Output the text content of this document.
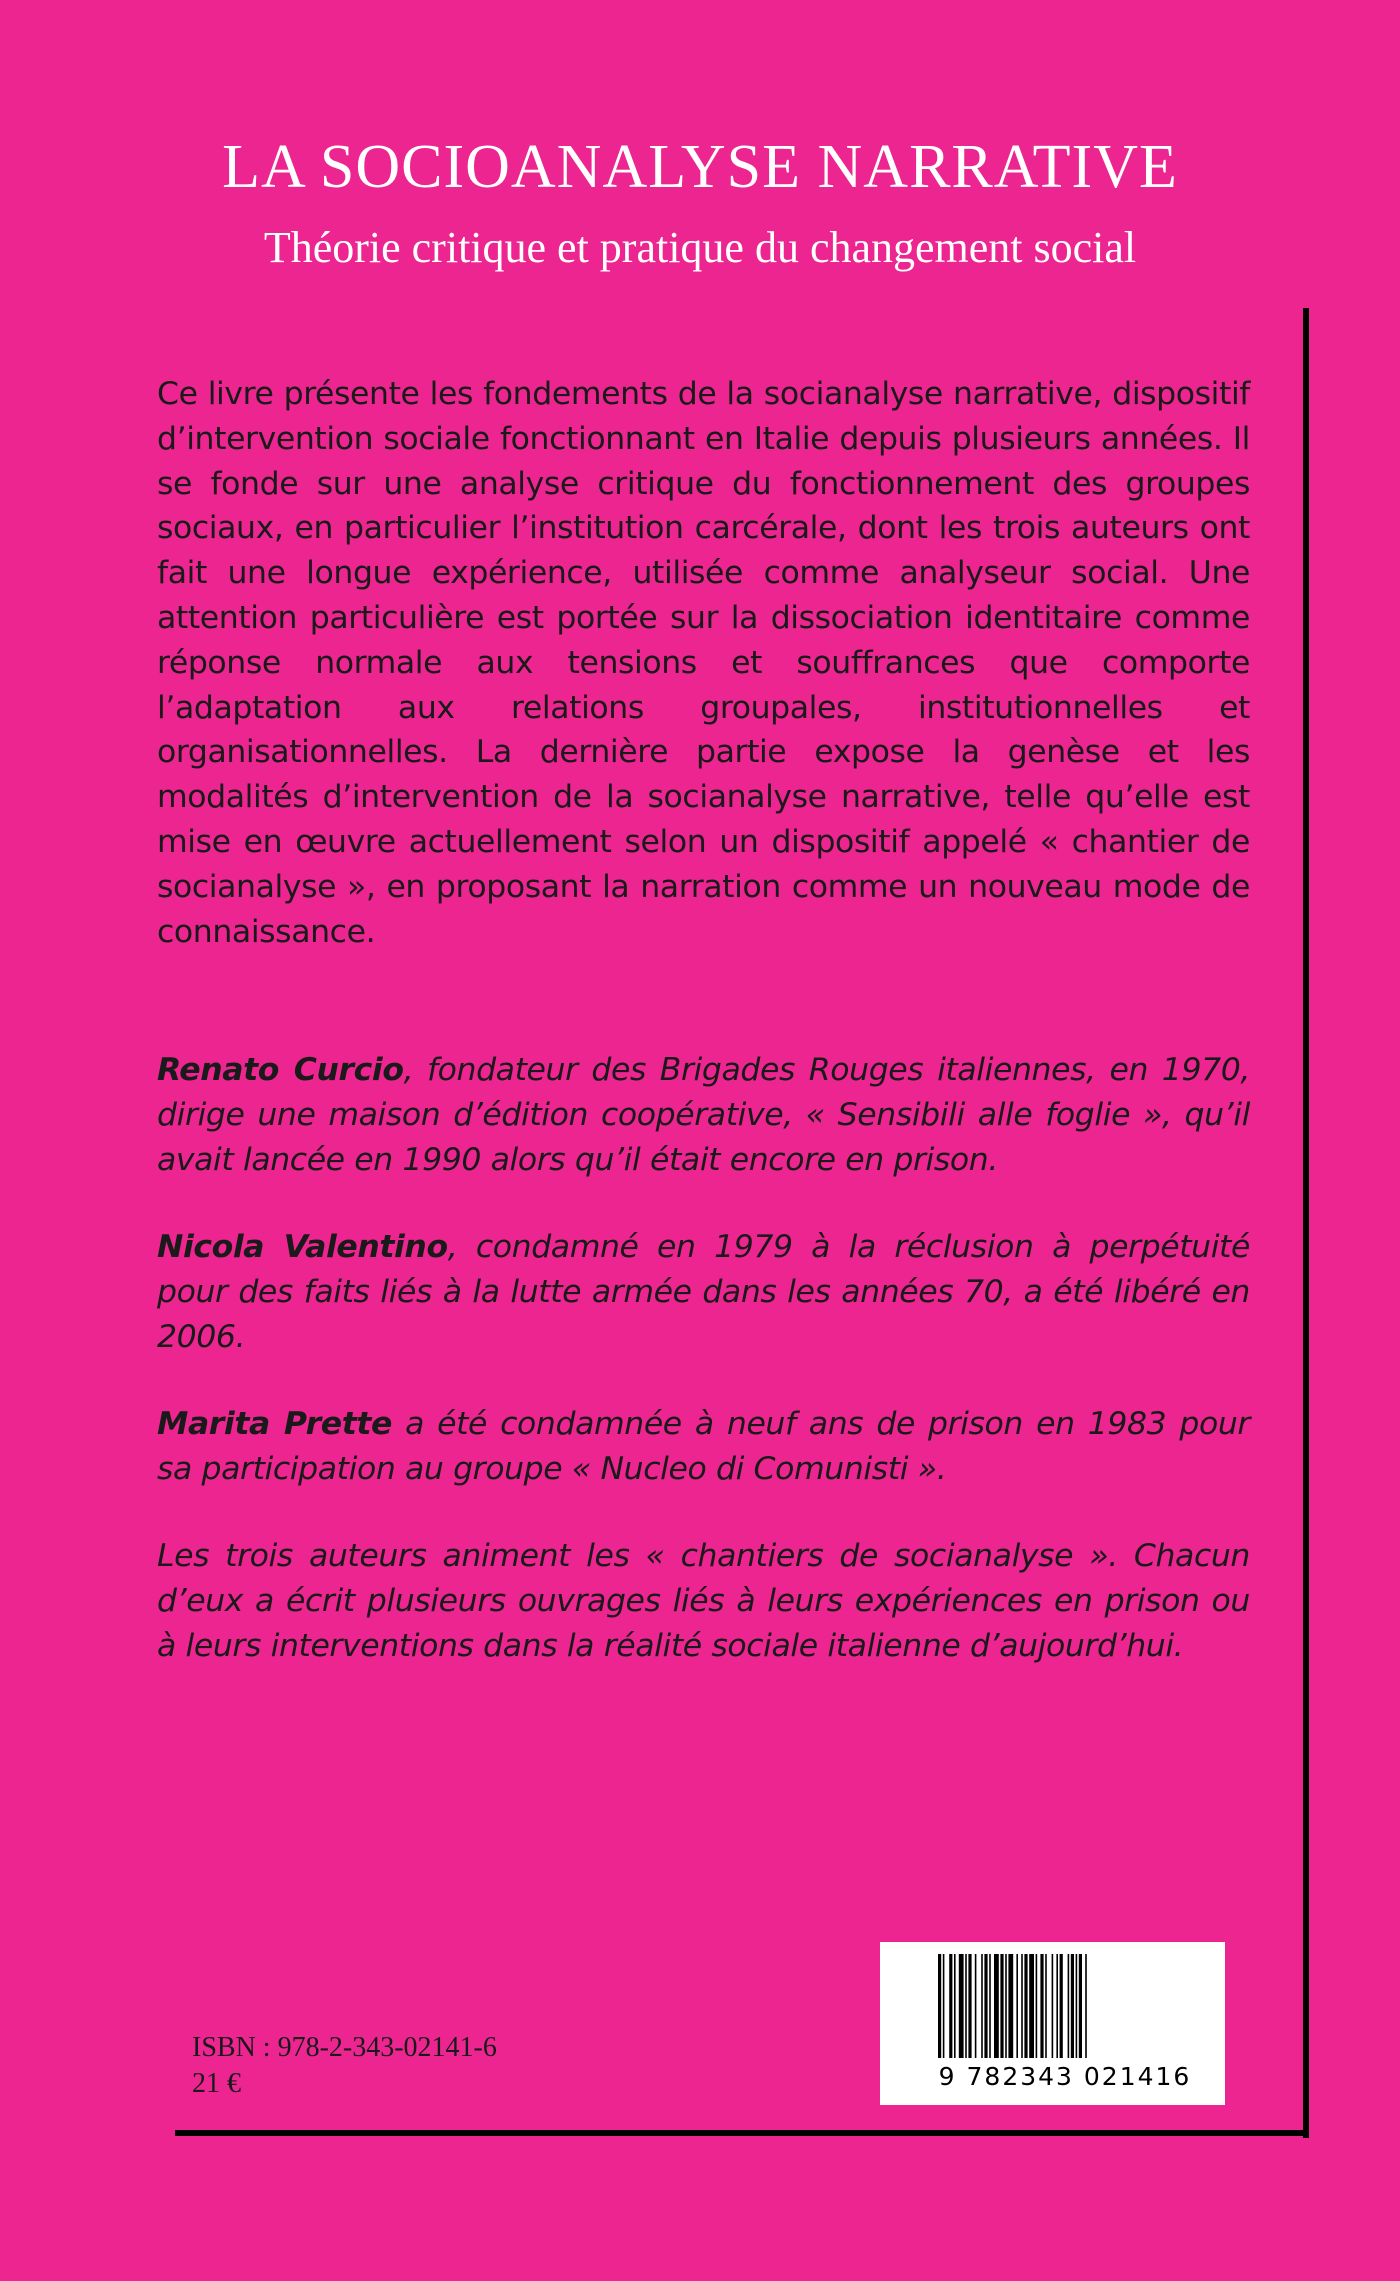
LA SOCIOANALYSE NARRATIVE
Théorie critique et pratique du changement social

Ce livre présente les fondements de la socianalyse narrative, dispositif d’intervention sociale fonctionnant en Italie depuis plusieurs années. Il se fonde sur une analyse critique du fonctionnement des groupes sociaux, en particulier l’institution carcérale, dont les trois auteurs ont fait une longue expérience, utilisée comme analyseur social. Une attention particulière est portée sur la dissociation identitaire comme réponse normale aux tensions et souffrances que comporte l’adaptation aux relations groupales, institutionnelles et organisationnelles. La dernière partie expose la genèse et les modalités d’intervention de la socianalyse narrative, telle qu’elle est mise en œuvre actuellement selon un dispositif appelé « chantier de socianalyse », en proposant la narration comme un nouveau mode de connaissance.

Renato Curcio, fondateur des Brigades Rouges italiennes, en 1970, dirige une maison d’édition coopérative, « Sensibili alle foglie », qu’il avait lancée en 1990 alors qu’il était encore en prison.

Nicola Valentino, condamné en 1979 à la réclusion à perpétuité pour des faits liés à la lutte armée dans les années 70, a été libéré en 2006.

Marita Prette a été condamnée à neuf ans de prison en 1983 pour sa participation au groupe « Nucleo di Comunisti ».

Les trois auteurs animent les « chantiers de socianalyse ». Chacun d’eux a écrit plusieurs ouvrages liés à leurs expériences en prison ou à leurs interventions dans la réalité sociale italienne d’aujourd’hui.

ISBN : 978-2-343-02141-6
21 €	9 782343 021416
